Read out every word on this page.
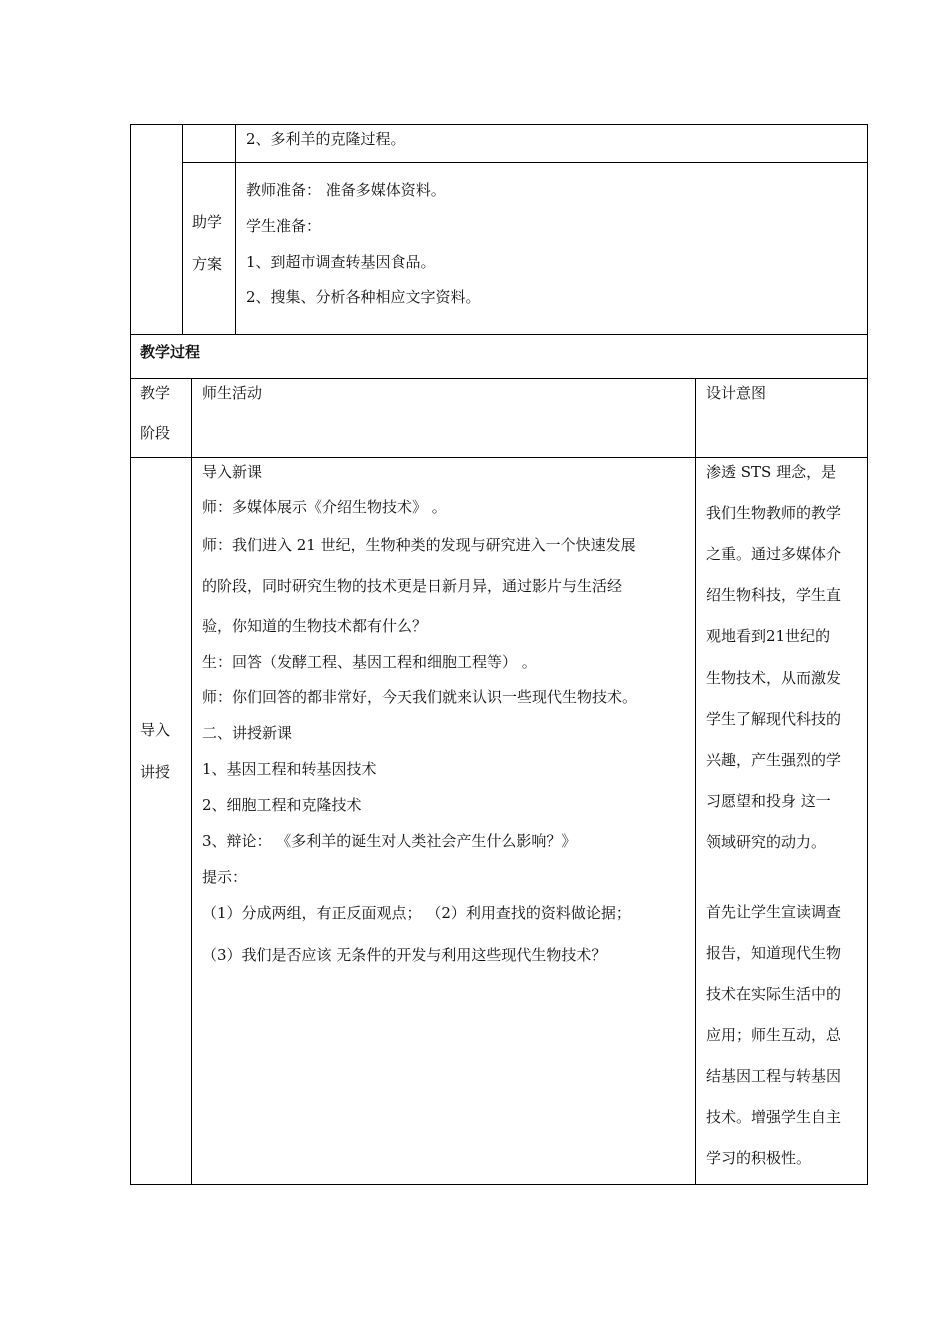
2、多利羊的克隆过程。
助学
方案
教师准备： 准备多媒体资料。
学生准备：
1、到超市调查转基因食品。
2、搜集、分析各种相应文字资料。
教学过程
教学
阶段
师生活动	设计意图
导入
讲授
导入新课
师：多媒体展示《介绍生物技术》 。
师：我们进入 21 世纪，生物种类的发现与研究进入一个快速发展
的阶段，同时研究生物的技术更是日新月异，通过影片与生活经
验，你知道的生物技术都有什么？
生：回答（发酵工程、基因工程和细胞工程等） 。
师：你们回答的都非常好，今天我们就来认识一些现代生物技术。
二、讲授新课
1、基因工程和转基因技术
2、细胞工程和克隆技术
3、辩论： 《多利羊的诞生对人类社会产生什么影响？》
提示：
（1）分成两组，有正反面观点； （2）利用查找的资料做论据；
（3）我们是否应该 无条件的开发与利用这些现代生物技术？
渗透 STS 理念，是
我们生物教师的教学
之重。通过多媒体介
绍生物科技，学生直
观地看到21世纪的
生物技术，从而激发
学生了解现代科技的
兴趣，产生强烈的学
习愿望和投身 这一
领域研究的动力。
首先让学生宣读调查
报告，知道现代生物
技术在实际生活中的
应用；师生互动，总
结基因工程与转基因
技术。增强学生自主
学习的积极性。
